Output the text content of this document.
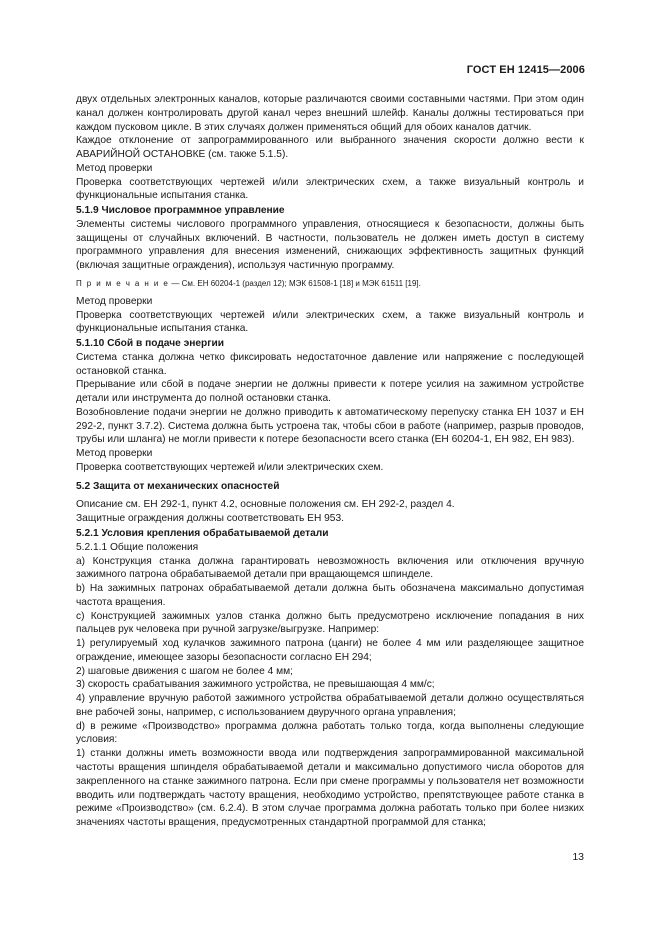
ГОСТ ЕН 12415—2006

двух отдельных электронных каналов, которые различаются своими составными частями. При этом один канал должен контролировать другой канал через внешний шлейф. Каналы должны тестироваться при каждом пусковом цикле. В этих случаях должен применяться общий для обоих каналов датчик.

Каждое отклонение от запрограммированного или выбранного значения скорости должно вести к АВАРИЙНОЙ ОСТАНОВКЕ (см. также 5.1.5).

Метод проверки

Проверка соответствующих чертежей и/или электрических схем, а также визуальный контроль и функциональные испытания станка.

5.1.9 Числовое программное управление

Элементы системы числового программного управления, относящиеся к безопасности, должны быть защищены от случайных включений. В частности, пользователь не должен иметь доступ в систему программного управления для внесения изменений, снижающих эффективность защитных функций (включая защитные ограждения), используя частичную программу.

П р и м е ч а н и е — См. ЕН 60204-1 (раздел 12); МЭК 61508-1 [18] и МЭК 61511 [19].

Метод проверки

Проверка соответствующих чертежей и/или электрических схем, а также визуальный контроль и функциональные испытания станка.

5.1.10 Сбой в подаче энергии

Система станка должна четко фиксировать недостаточное давление или напряжение с последующей остановкой станка.

Прерывание или сбой в подаче энергии не должны привести к потере усилия на зажимном устройстве детали или инструмента до полной остановки станка.

Возобновление подачи энергии не должно приводить к автоматическому перепуску станка ЕН 1037 и ЕН 292-2, пункт 3.7.2). Система должна быть устроена так, чтобы сбои в работе (например, разрыв проводов, трубы или шланга) не могли привести к потере безопасности всего станка (ЕН 60204-1, ЕН 982, ЕН 983).

Метод проверки

Проверка соответствующих чертежей и/или электрических схем.

5.2 Защита от механических опасностей

Описание см. ЕН 292-1, пункт 4.2, основные положения см. ЕН 292-2, раздел 4.

Защитные ограждения должны соответствовать ЕН 953.

5.2.1 Условия крепления обрабатываемой детали

5.2.1.1 Общие положения

а) Конструкция станка должна гарантировать невозможность включения или отключения вручную зажимного патрона обрабатываемой детали при вращающемся шпинделе.

b) На зажимных патронах обрабатываемой детали должна быть обозначена максимально допустимая частота вращения.

с) Конструкцией зажимных узлов станка должно быть предусмотрено исключение попадания в них пальцев рук человека при ручной загрузке/выгрузке. Например:

1) регулируемый ход кулачков зажимного патрона (цанги) не более 4 мм или разделяющее защитное ограждение, имеющее зазоры безопасности согласно ЕН 294;

2) шаговые движения с шагом не более 4 мм;

3) скорость срабатывания зажимного устройства, не превышающая 4 мм/с;

4) управление вручную работой зажимного устройства обрабатываемой детали должно осуществляться вне рабочей зоны, например, с использованием двуручного органа управления;

d) в режиме «Производство» программа должна работать только тогда, когда выполнены следующие условия:

1) станки должны иметь возможности ввода или подтверждения запрограммированной максимальной частоты вращения шпинделя обрабатываемой детали и максимально допустимого числа оборотов для закрепленного на станке зажимного патрона. Если при смене программы у пользователя нет возможности вводить или подтверждать частоту вращения, необходимо устройство, препятствующее работе станка в режиме «Производство» (см. 6.2.4). В этом случае программа должна работать только при более низких значениях частоты вращения, предусмотренных стандартной программой для станка;

13
